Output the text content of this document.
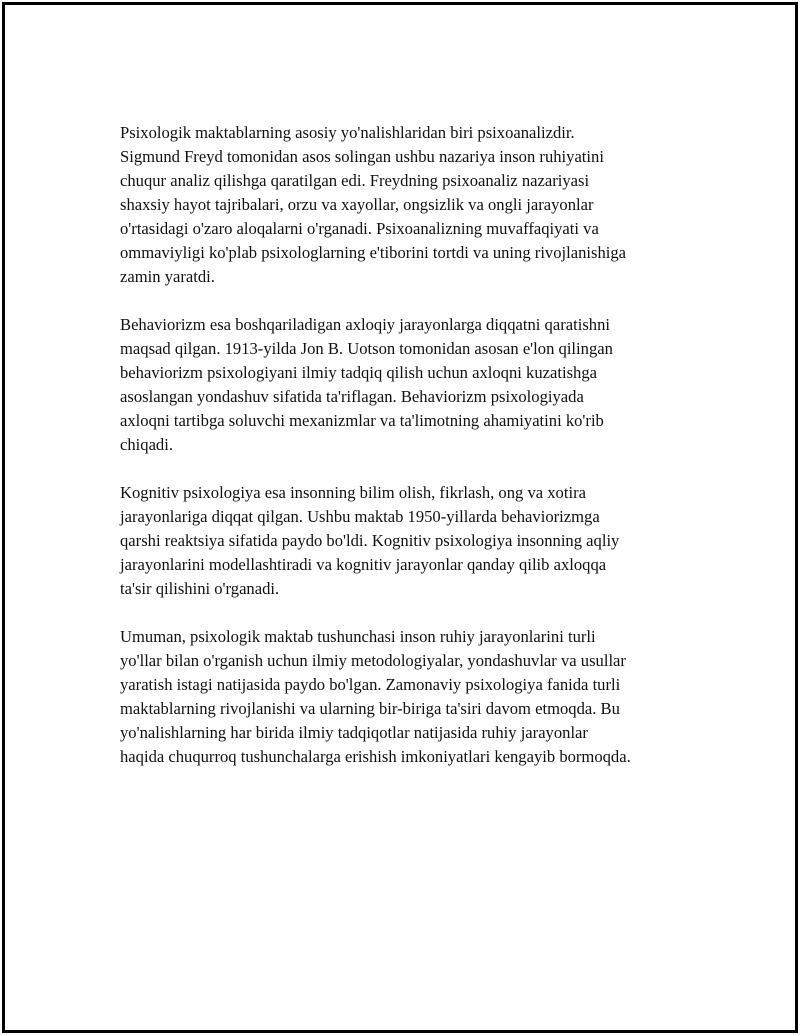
Psixologik maktablarning asosiy yo'nalishlaridan biri psixoanalizdir.
Sigmund Freyd tomonidan asos solingan ushbu nazariya inson ruhiyatini
chuqur analiz qilishga qaratilgan edi. Freydning psixoanaliz nazariyasi
shaxsiy hayot tajribalari, orzu va xayollar, ongsizlik va ongli jarayonlar
o'rtasidagi o'zaro aloqalarni o'rganadi. Psixoanalizning muvaffaqiyati va
ommaviyligi ko'plab psixologlarning e'tiborini tortdi va uning rivojlanishiga
zamin yaratdi.

Behaviorizm esa boshqariladigan axloqiy jarayonlarga diqqatni qaratishni
maqsad qilgan. 1913-yilda Jon B. Uotson tomonidan asosan e'lon qilingan
behaviorizm psixologiyani ilmiy tadqiq qilish uchun axloqni kuzatishga
asoslangan yondashuv sifatida ta'riflagan. Behaviorizm psixologiyada
axloqni tartibga soluvchi mexanizmlar va ta'limotning ahamiyatini ko'rib
chiqadi.

Kognitiv psixologiya esa insonning bilim olish, fikrlash, ong va xotira
jarayonlariga diqqat qilgan. Ushbu maktab 1950-yillarda behaviorizmga
qarshi reaktsiya sifatida paydo bo'ldi. Kognitiv psixologiya insonning aqliy
jarayonlarini modellashtiradi va kognitiv jarayonlar qanday qilib axloqqa
ta'sir qilishini o'rganadi.

Umuman, psixologik maktab tushunchasi inson ruhiy jarayonlarini turli
yo'llar bilan o'rganish uchun ilmiy metodologiyalar, yondashuvlar va usullar
yaratish istagi natijasida paydo bo'lgan. Zamonaviy psixologiya fanida turli
maktablarning rivojlanishi va ularning bir-biriga ta'siri davom etmoqda. Bu
yo'nalishlarning har birida ilmiy tadqiqotlar natijasida ruhiy jarayonlar
haqida chuqurroq tushunchalarga erishish imkoniyatlari kengayib bormoqda.
